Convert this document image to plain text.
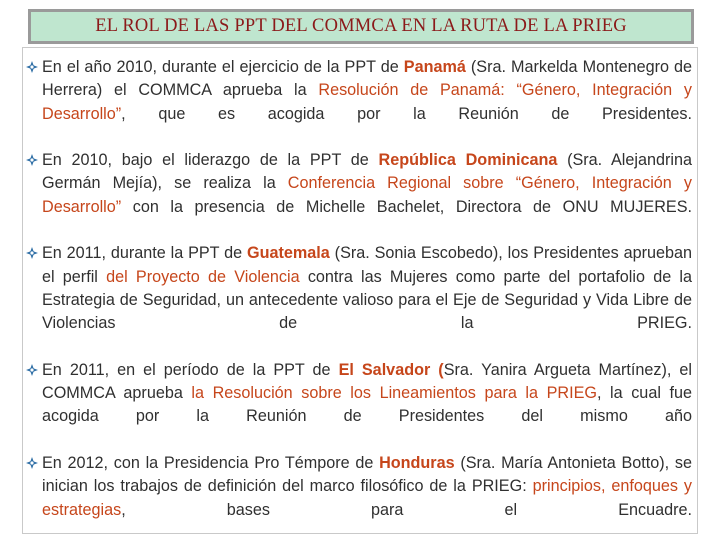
EL ROL DE LAS PPT DEL COMMCA EN LA RUTA DE LA PRIEG
En el año 2010, durante el ejercicio de la PPT de Panamá (Sra. Markelda Montenegro de Herrera) el COMMCA aprueba la Resolución de Panamá: “Género, Integración y Desarrollo”, que es acogida por la Reunión de Presidentes.
En 2010, bajo el liderazgo de la PPT de República Dominicana (Sra. Alejandrina Germán Mejía), se realiza la Conferencia Regional sobre “Género, Integración y Desarrollo” con la presencia de Michelle Bachelet, Directora de ONU MUJERES.
En 2011, durante la PPT de Guatemala (Sra. Sonia Escobedo), los Presidentes aprueban el perfil del Proyecto de Violencia contra las Mujeres como parte del portafolio de la Estrategia de Seguridad, un antecedente valioso para el Eje de Seguridad y Vida Libre de Violencias de la PRIEG.
En 2011, en el período de la PPT de El Salvador (Sra. Yanira Argueta Martínez), el COMMCA aprueba la Resolución sobre los Lineamientos para la PRIEG, la cual fue acogida por la Reunión de Presidentes del mismo año
En 2012, con la Presidencia Pro Témpore de Honduras (Sra. María Antonieta Botto), se inician los trabajos de definición del marco filosófico de la PRIEG: principios, enfoques y estrategias, bases para el Encuadre.
